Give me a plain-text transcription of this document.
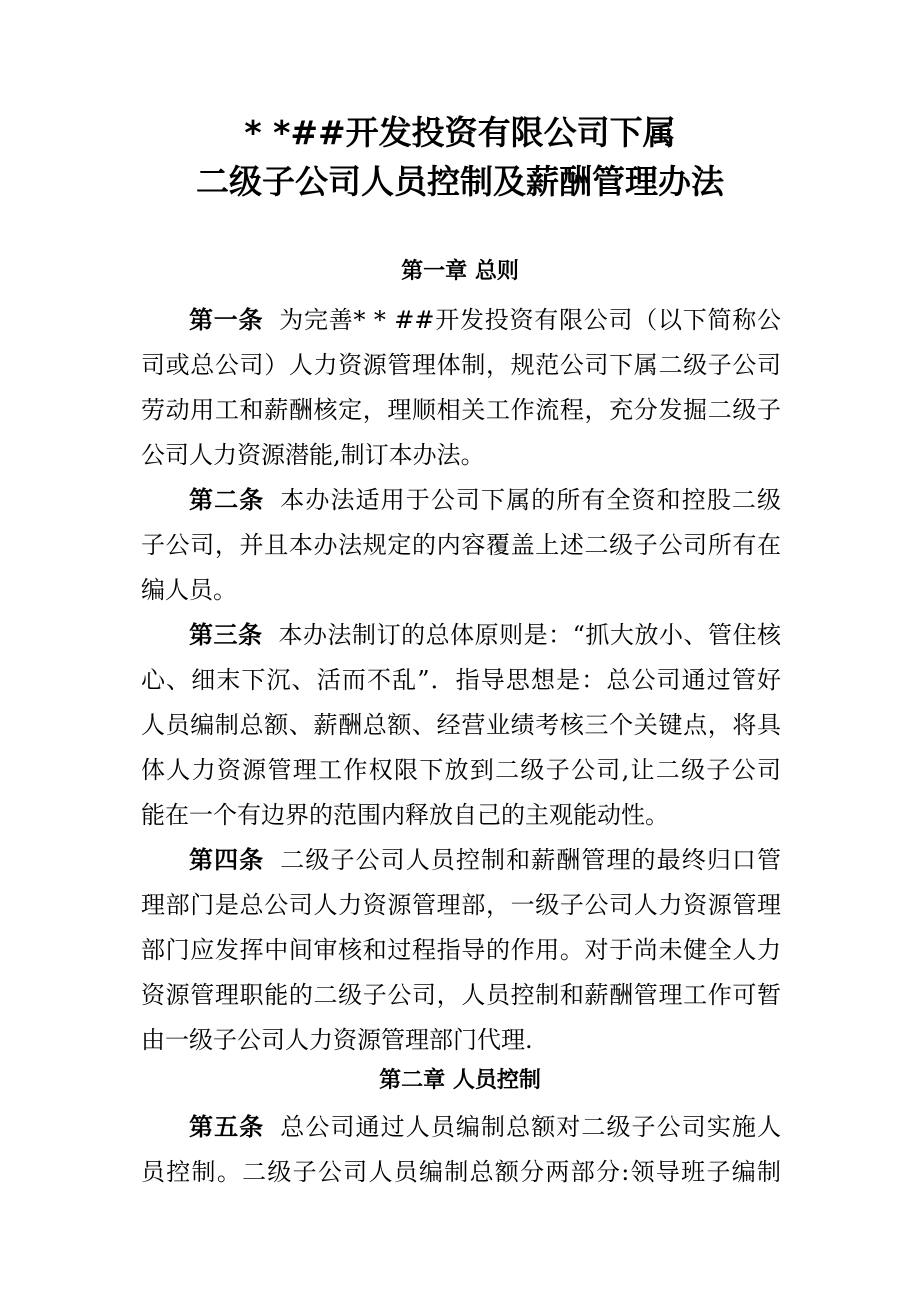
* *##开发投资有限公司下属
二级子公司人员控制及薪酬管理办法
第一章 总则
第一条 为完善* * ##开发投资有限公司（以下简称公
司或总公司）人力资源管理体制，规范公司下属二级子公司
劳动用工和薪酬核定，理顺相关工作流程，充分发掘二级子
公司人力资源潜能,制订本办法。
第二条 本办法适用于公司下属的所有全资和控股二级
子公司，并且本办法规定的内容覆盖上述二级子公司所有在
编人员。
第三条 本办法制订的总体原则是：“抓大放小、管住核
心、细末下沉、活而不乱”．指导思想是：总公司通过管好
人员编制总额、薪酬总额、经营业绩考核三个关键点，将具
体人力资源管理工作权限下放到二级子公司,让二级子公司
能在一个有边界的范围内释放自己的主观能动性。
第四条 二级子公司人员控制和薪酬管理的最终归口管
理部门是总公司人力资源管理部，一级子公司人力资源管理
部门应发挥中间审核和过程指导的作用。对于尚未健全人力
资源管理职能的二级子公司，人员控制和薪酬管理工作可暂
由一级子公司人力资源管理部门代理.
第二章 人员控制
第五条 总公司通过人员编制总额对二级子公司实施人
员控制。二级子公司人员编制总额分两部分:领导班子编制
